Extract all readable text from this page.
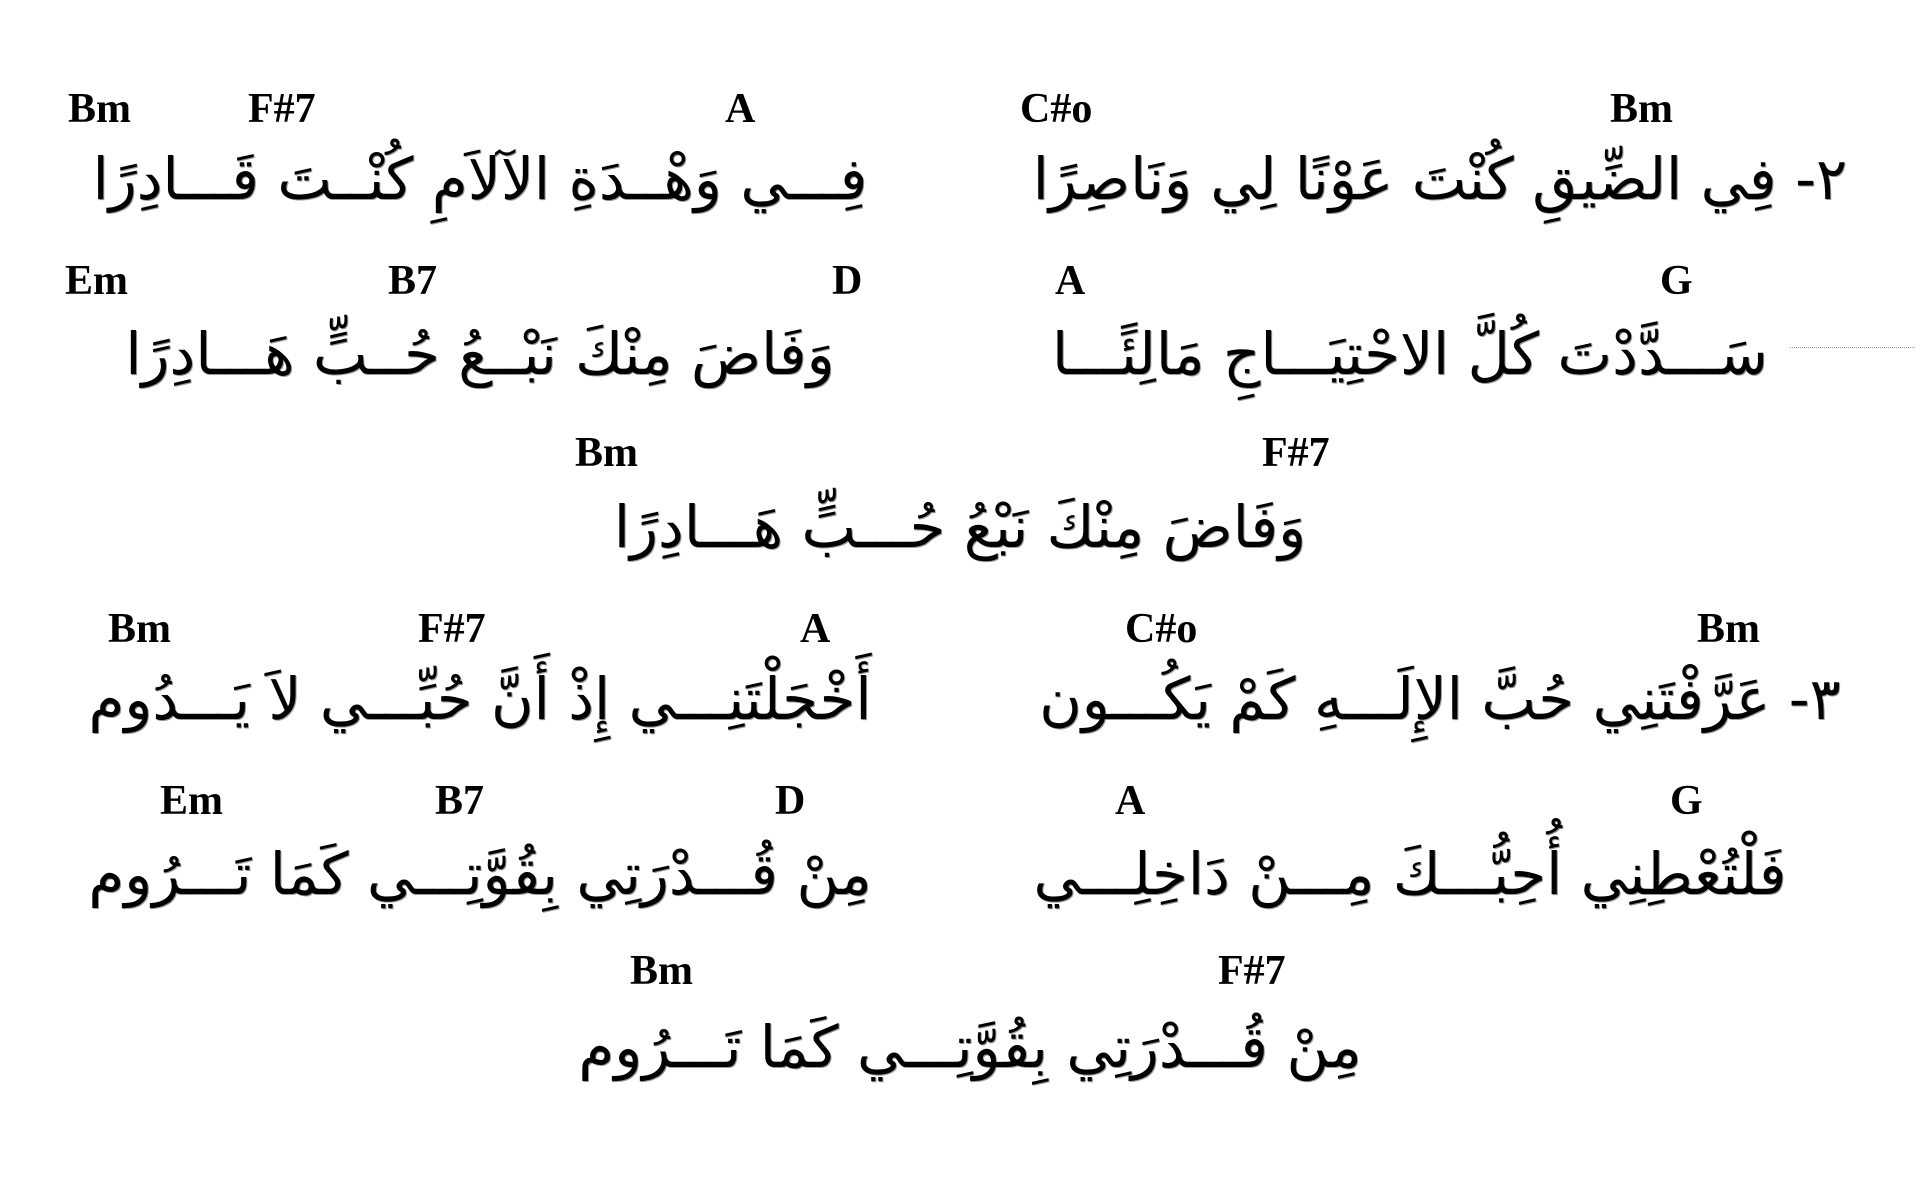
Bm	F#7	A	C#o	Bm
٢- فِي الضِّيقِ كُنْتَ عَوْنًا لِي وَنَاصِرًا
فِـــي وَهْــدَةِ الآلاَمِ كُنْــتَ قَـــادِرًا
Em	B7	D	A	G
سَـــدَّدْتَ كُلَّ الاحْتِيَـــاجِ مَالِئًـــا
وَفَاضَ مِنْكَ نَبْــعُ حُــبٍّ هَـــادِرًا
Bm	F#7
وَفَاضَ مِنْكَ نَبْعُ حُـــبٍّ هَـــادِرًا
Bm	F#7	A	C#o	Bm
٣- عَرَّفْتَنِي حُبَّ الإِلَـــهِ كَمْ يَكُـــون
أَخْجَلْتَنِـــي إِذْ أَنَّ حُبِّـــي لاَ يَـــدُوم
Em	B7	D	A	G
فَلْتُعْطِنِي أُحِبُّـــكَ مِـــنْ دَاخِلِـــي
مِنْ قُـــدْرَتِي بِقُوَّتِـــي كَمَا تَـــرُوم
Bm	F#7
مِنْ قُـــدْرَتِي بِقُوَّتِـــي كَمَا تَـــرُوم
